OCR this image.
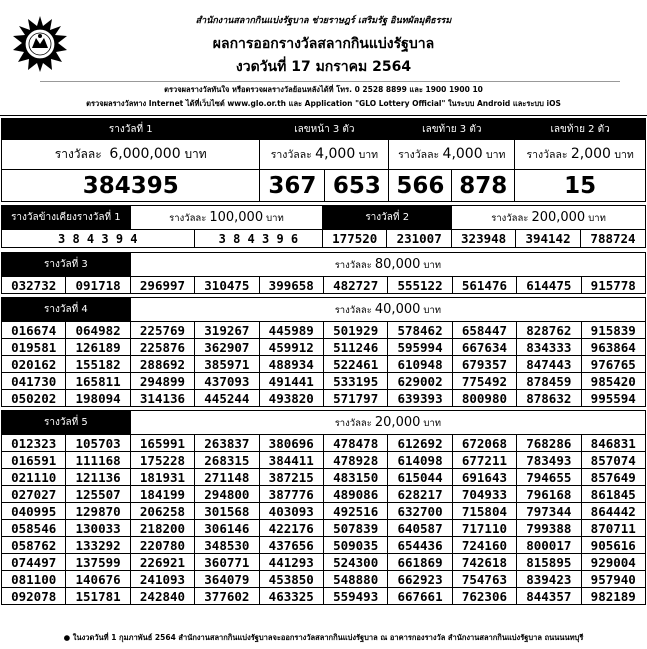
สำนักงานสลากกินแบ่งรัฐบาล ช่วยราษฎร์ เสริมรัฐ อินทผัลมุติธรรม
ผลการออกรางวัลสลากกินแบ่งรัฐบาล
งวดวันที่ 17 มกราคม 2564
ตรวจผลรางวัลทันใจ หรือตรวจผลรางวัลย้อนหลังได้ที่ โทร. 0 2528 8899 และ 1900 1900 10
ตรวจผลรางวัลทาง Internet ได้ที่เว็บไซต์ www.glo.or.th และ Application "GLO Lottery Official" ในระบบ Android และระบบ iOS
รางวัลที่ 1	เลขหน้า 3 ตัว		เลขท้าย 3 ตัว		เลขท้าย 2 ตัว
รางวัลละ 6,000,000 บาท	รางวัลละ 4,000 บาท		รางวัลละ 4,000 บาท		รางวัลละ 2,000 บาท
384395	367	653	566	878	15
รางวัลข้างเคียงรางวัลที่ 1	รางวัลละ 100,000 บาท		รางวัลที่ 2		รางวัลละ 200,000 บาท		
3 8 4 3 9 4		3 8 4 3 9 6	177520	231007	323948	394142	788724
รางวัลที่ 3		รางวัลละ 80,000 บาท							
032732	091718	296997	310475	399658	482727	555122	561476	614475	915778
รางวัลที่ 4		รางวัลละ 40,000 บาท							
016674	064982	225769	319267	445989	501929	578462	658447	828762	915839
019581	126189	225876	362907	459912	511246	595994	667634	834333	963864
020162	155182	288692	385971	488934	522461	610948	679357	847443	976765
041730	165811	294899	437093	491441	533195	629002	775492	878459	985420
050202	198094	314136	445244	493820	571797	639393	800980	878632	995594
รางวัลที่ 5		รางวัลละ 20,000 บาท							
012323	105703	165991	263837	380696	478478	612692	672068	768286	846831
016591	111168	175228	268315	384411	478928	614098	677211	783493	857074
021110	121136	181931	271148	387215	483150	615044	691643	794655	857649
027027	125507	184199	294800	387776	489086	628217	704933	796168	861845
040995	129870	206258	301568	403093	492516	632700	715804	797344	864442
058546	130033	218200	306146	422176	507839	640587	717110	799388	870711
058762	133292	220780	348530	437656	509035	654436	724160	800017	905616
074497	137599	226921	360771	441293	524300	661869	742618	815895	929004
081100	140676	241093	364079	453850	548880	662923	754763	839423	957940
092078	151781	242840	377602	463325	559493	667661	762306	844357	982189
● ในงวดวันที่ 1 กุมภาพันธ์ 2564 สำนักงานสลากกินแบ่งรัฐบาลจะออกรางวัลสลากกินแบ่งรัฐบาล ณ อาคารกองรางวัล สำนักงานสลากกินแบ่งรัฐบาล ถนนนนทบุรี
